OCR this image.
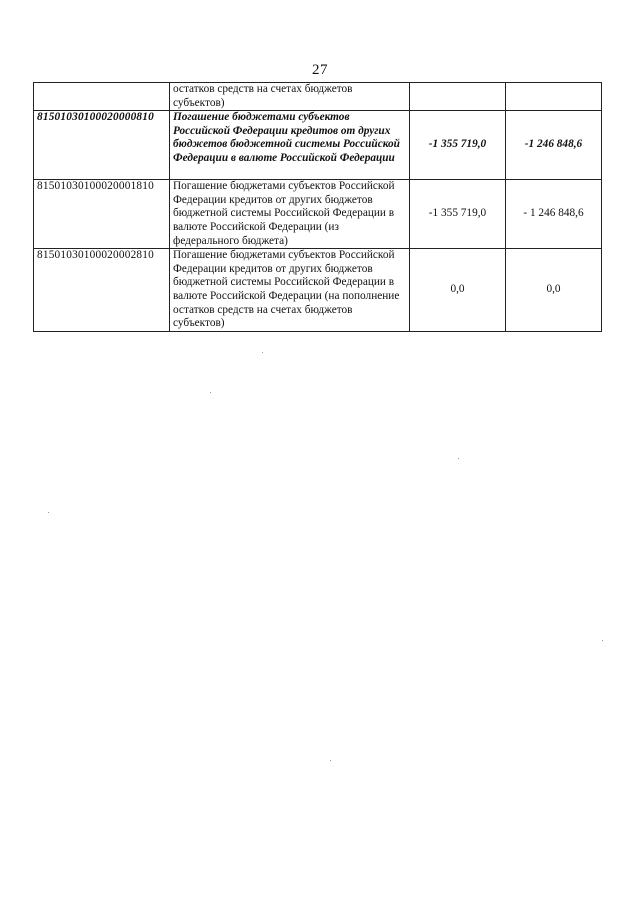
27
	остатков средств на счетах бюджетов субъектов)		
81501030100020000810	Погашение бюджетами субъектов Российской Федерации кредитов от других бюджетов бюджетной системы Российской Федерации в валюте Российской Федерации	-1 355 719,0	-1 246 848,6
81501030100020001810	Погашение бюджетами субъектов Российской Федерации кредитов от других бюджетов бюджетной системы Российской Федерации в валюте Российской Федерации (из федерального бюджета)	-1 355 719,0	- 1 246 848,6
81501030100020002810	Погашение бюджетами субъектов Российской Федерации кредитов от других бюджетов бюджетной системы Российской Федерации в валюте Российской Федерации (на пополнение остатков средств на счетах бюджетов субъектов)	0,0	0,0
